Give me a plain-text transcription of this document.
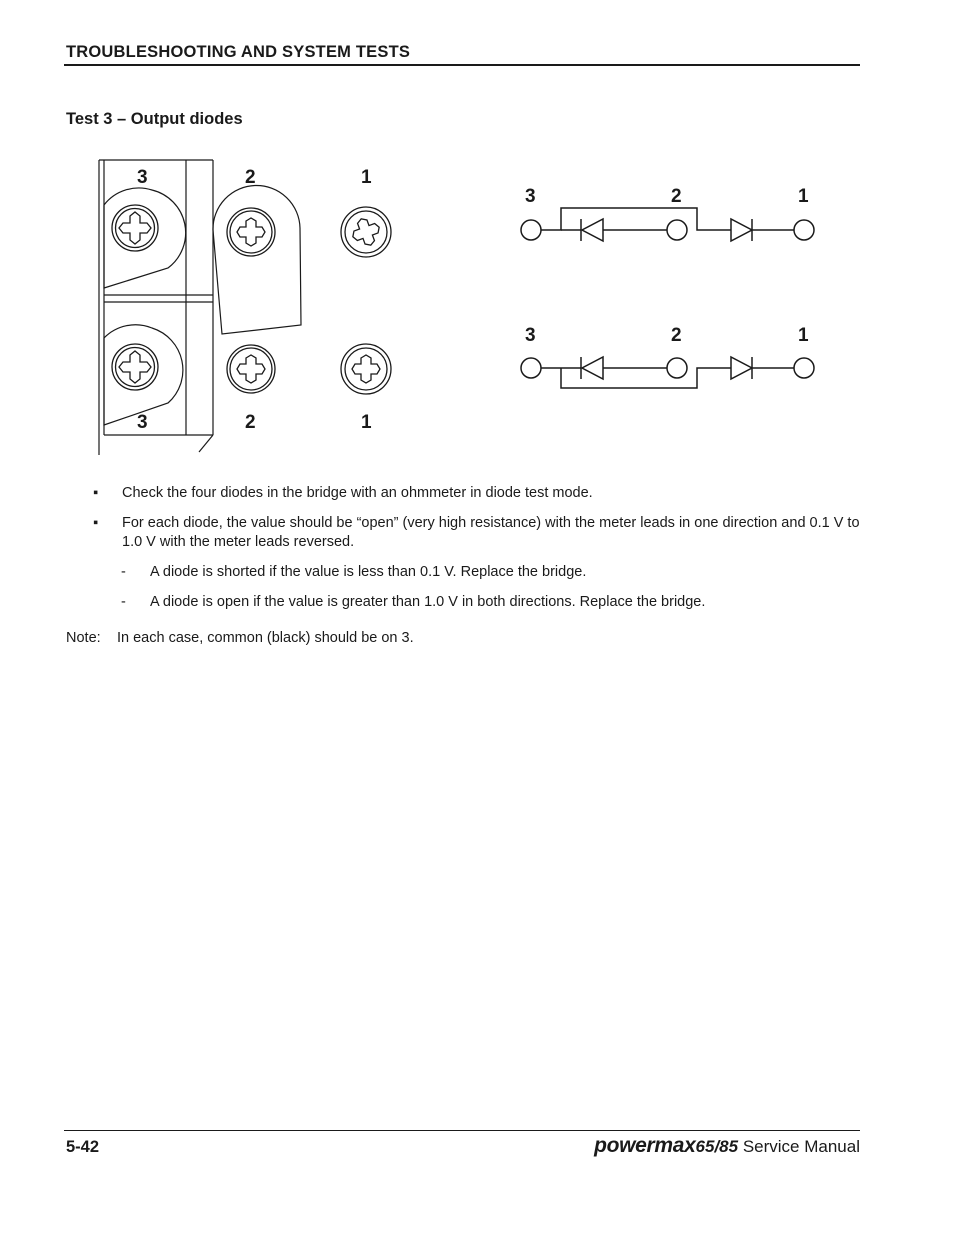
TROUBLESHOOTING AND SYSTEM TESTS
Test 3 – Output diodes
3	2	1
3	2	1
3	2	1
3	2	1
▪ Check the four diodes in the bridge with an ohmmeter in diode test mode.
▪ For each diode, the value should be “open” (very high resistance) with the meter leads in one direction and 0.1 V to 1.0 V with the meter leads reversed.
- A diode is shorted if the value is less than 0.1 V. Replace the bridge.
- A diode is open if the value is greater than 1.0 V in both directions. Replace the bridge.
Note: In each case, common (black) should be on 3.
5-42	powermax65/85 Service Manual
